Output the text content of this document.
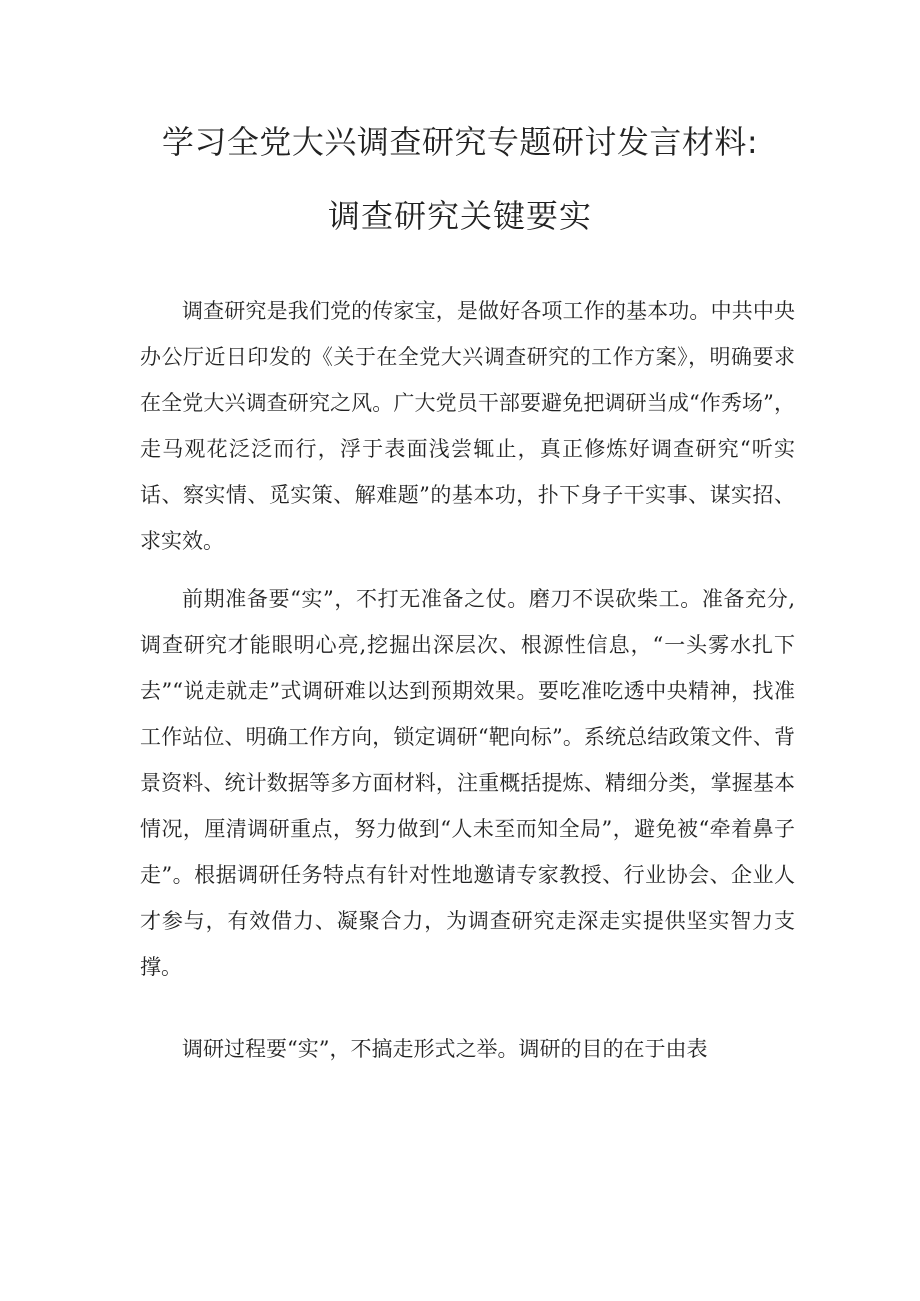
学习全党大兴调查研究专题研讨发言材料:
调查研究关键要实

调查研究是我们党的传家宝，是做好各项工作的基本功。中共中央办公厅近日印发的《关于在全党大兴调查研究的工作方案》，明确要求在全党大兴调查研究之风。广大党员干部要避免把调研当成“作秀场”，走马观花泛泛而行，浮于表面浅尝辄止，真正修炼好调查研究“听实话、察实情、觅实策、解难题”的基本功，扑下身子干实事、谋实招、求实效。

前期准备要“实”，不打无准备之仗。磨刀不误砍柴工。准备充分,调查研究才能眼明心亮,挖掘出深层次、根源性信息，“一头雾水扎下去”“说走就走”式调研难以达到预期效果。要吃准吃透中央精神，找准工作站位、明确工作方向，锁定调研“靶向标”。系统总结政策文件、背景资料、统计数据等多方面材料，注重概括提炼、精细分类，掌握基本情况，厘清调研重点，努力做到“人未至而知全局”，避免被“牵着鼻子走”。根据调研任务特点有针对性地邀请专家教授、行业协会、企业人才参与，有效借力、凝聚合力，为调查研究走深走实提供坚实智力支撑。

调研过程要“实”，不搞走形式之举。调研的目的在于由表
